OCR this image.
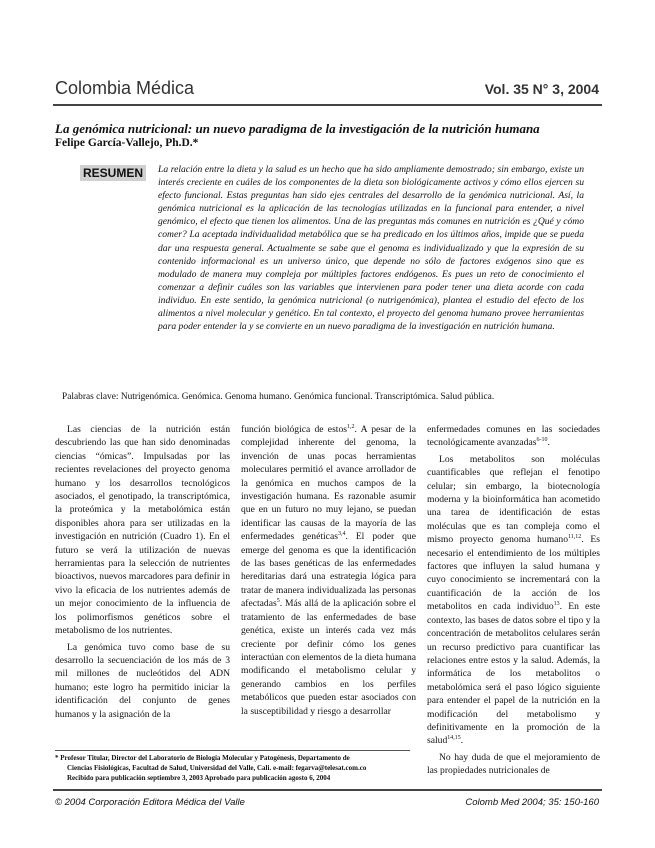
Colombia Médica	Vol. 35 N° 3, 2004
La genómica nutricional: un nuevo paradigma de la investigación de la nutrición humana
Felipe García-Vallejo, Ph.D.*
RESUMEN	La relación entre la dieta y la salud es un hecho que ha sido ampliamente demostrado; sin embargo, existe un interés creciente en cuáles de los componentes de la dieta son biológicamente activos y cómo ellos ejercen su efecto funcional. Estas preguntas han sido ejes centrales del desarrollo de la genómica nutricional. Así, la genómica nutricional es la aplicación de las tecnologías utilizadas en la funcional para entender, a nivel genómico, el efecto que tienen los alimentos. Una de las preguntas más comunes en nutrición es ¿Qué y cómo comer? La aceptada individualidad metabólica que se ha predicado en los últimos años, impide que se pueda dar una respuesta general. Actualmente se sabe que el genoma es individualizado y que la expresión de su contenido informacional es un universo único, que depende no sólo de factores exógenos sino que es modulado de manera muy compleja por múltiples factores endógenos. Es pues un reto de conocimiento el comenzar a definir cuáles son las variables que intervienen para poder tener una dieta acorde con cada individuo. En este sentido, la genómica nutricional (o nutrigenómica), plantea el estudio del efecto de los alimentos a nivel molecular y genético. En tal contexto, el proyecto del genoma humano provee herramientas para poder entender la y se convierte en un nuevo paradigma de la investigación en nutrición humana.
Palabras clave: Nutrigenómica. Genómica. Genoma humano. Genómica funcional. Transcriptómica. Salud pública.

Las ciencias de la nutrición están descubriendo las que han sido denominadas ciencias “ómicas”. Impulsadas por las recientes revelaciones del proyecto genoma humano y los desarrollos tecnológicos asociados, el genotipado, la transcriptómica, la proteómica y la metabolómica están disponibles ahora para ser utilizadas en la investigación en nutrición (Cuadro 1). En el futuro se verá la utilización de nuevas herramientas para la selección de nutrientes bioactivos, nuevos marcadores para definir in vivo la eficacia de los nutrientes además de un mejor conocimiento de la influencia de los polimorfismos genéticos sobre el metabolismo de los nutrientes.

La genómica tuvo como base de su desarrollo la secuenciación de los más de 3 mil millones de nucleótidos del ADN humano; este logro ha permitido iniciar la identificación del conjunto de genes humanos y la asignación de la

función biológica de estos$^{1,2}$. A pesar de la complejidad inherente del genoma, la invención de unas pocas herramientas moleculares permitió el avance arrollador de la genómica en muchos campos de la investigación humana. Es razonable asumir que en un futuro no muy lejano, se puedan identificar las causas de la mayoría de las enfermedades genéticas$^{3,4}$. El poder que emerge del genoma es que la identificación de las bases genéticas de las enfermedades hereditarias dará una estrategia lógica para tratar de manera individualizada las personas afectadas$^5$. Más allá de la aplicación sobre el tratamiento de las enfermedades de base genética, existe un interés cada vez más creciente por definir cómo los genes interactúan con elementos de la dieta humana modificando el metabolismo celular y generando cambios en los perfiles metabólicos que pueden estar asociados con la susceptibilidad y riesgo a desarrollar

enfermedades comunes en las sociedades tecnológicamente avanzadas$^{6-10}$.

Los metabolitos son moléculas cuantificables que reflejan el fenotipo celular; sin embargo, la biotecnología moderna y la bioinformática han acometido una tarea de identificación de estas moléculas que es tan compleja como el mismo proyecto genoma humano$^{11,12}$. Es necesario el entendimiento de los múltiples factores que influyen la salud humana y cuyo conocimiento se incrementará con la cuantificación de la acción de los metabolitos en cada individuo$^{13}$. En este contexto, las bases de datos sobre el tipo y la concentración de metabolitos celulares serán un recurso predictivo para cuantificar las relaciones entre estos y la salud. Además, la informática de los metabolitos o metabolómica será el paso lógico siguiente para entender el papel de la nutrición en la modificación del metabolismo y definitivamente en la promoción de la salud$^{14,15}$.

No hay duda de que el mejoramiento de las propiedades nutricionales de

* Profesor Titular, Director del Laboratorio de Biología Molecular y Patogénesis, Departamento de
Ciencias Fisiológicas, Facultad de Salud, Universidad del Valle, Cali. e-mail: fegarva@telesat.com.co
Recibido para publicación septiembre 3, 2003 Aprobado para publicación agosto 6, 2004
© 2004 Corporación Editora Médica del Valle	Colomb Med 2004; 35: 150-160
